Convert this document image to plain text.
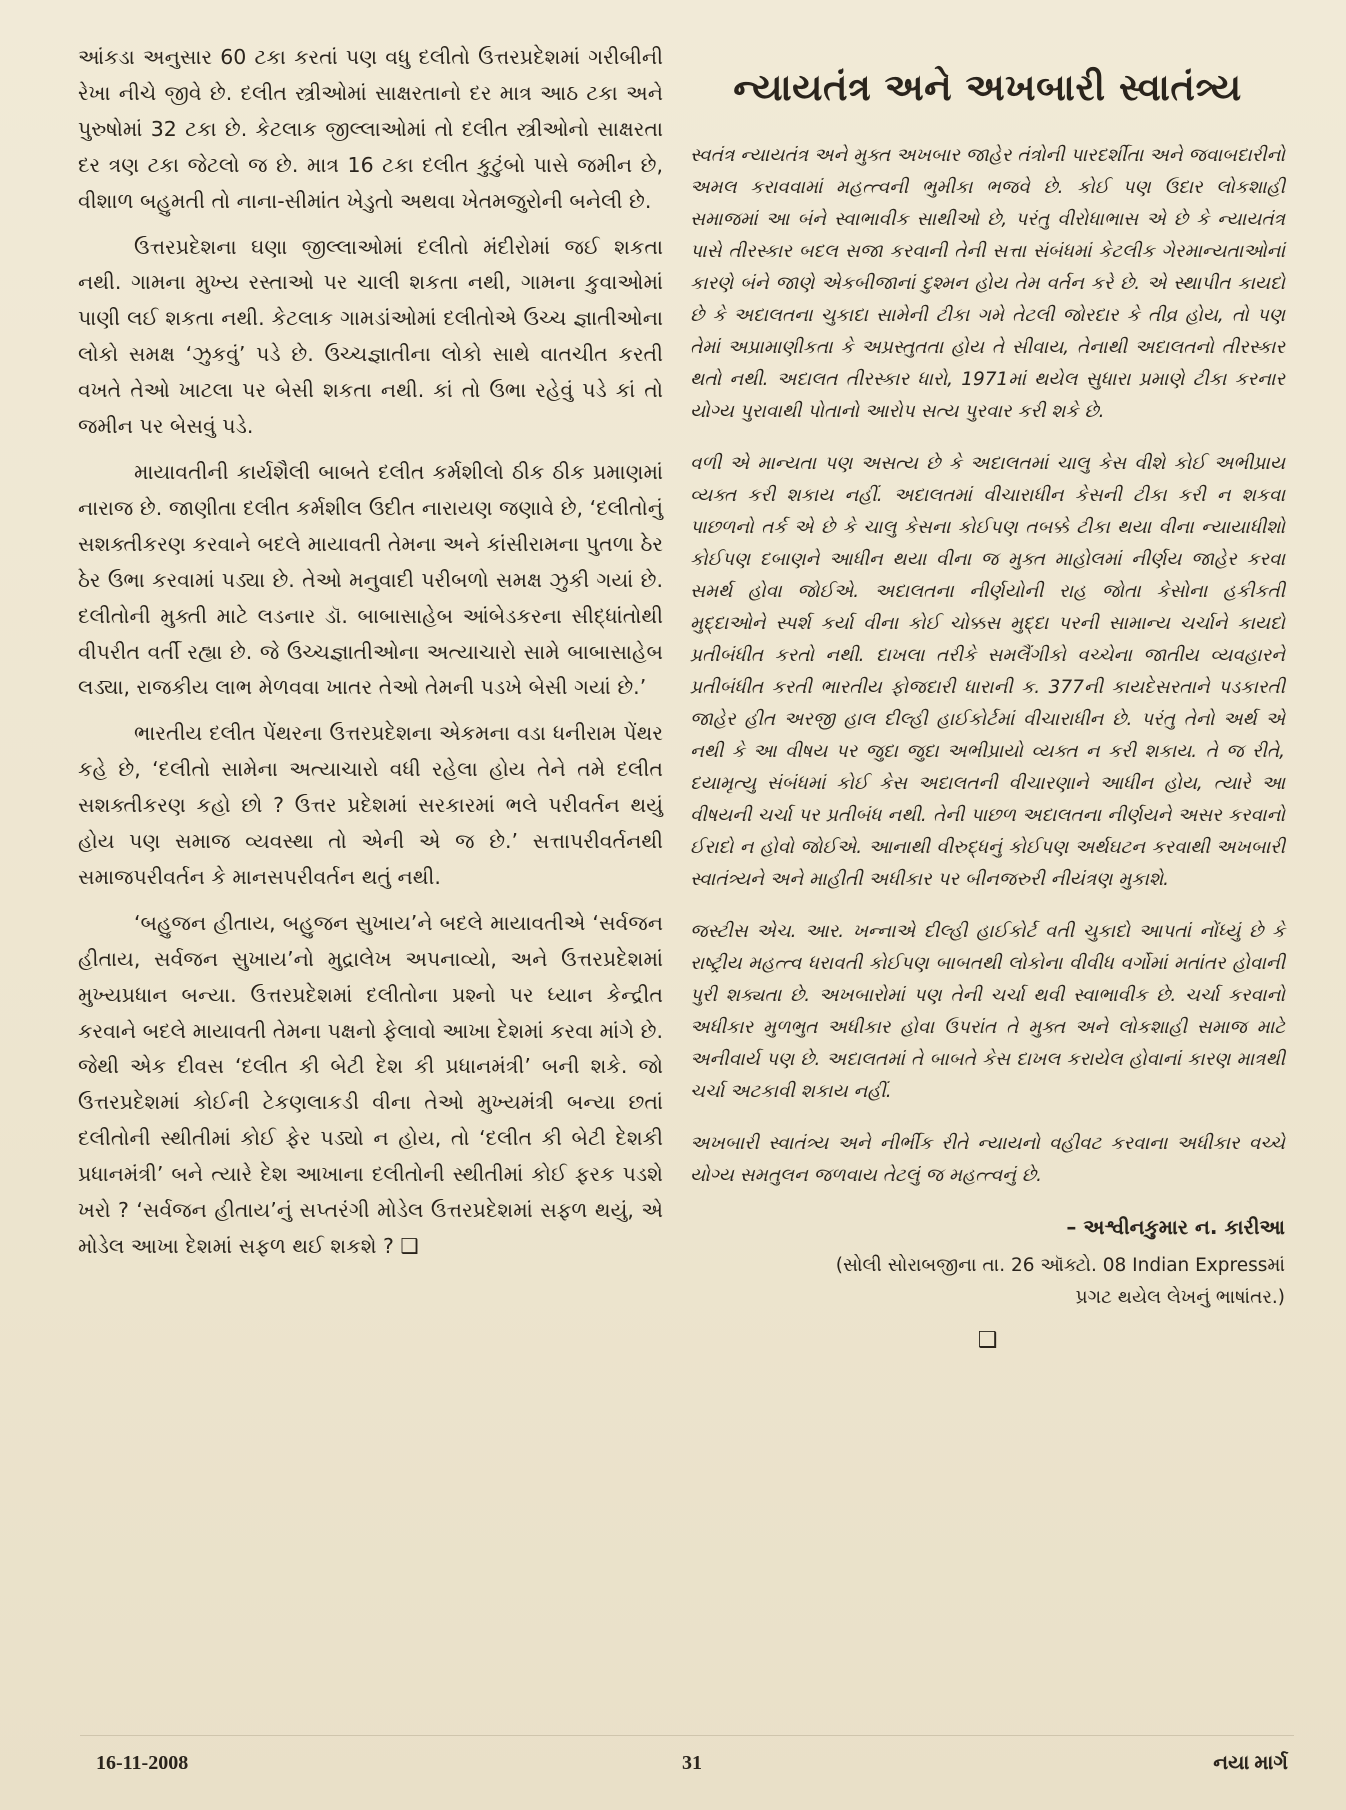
આંકડા અનુસાર 60 ટકા કરતાં પણ વધુ દલીતો ઉત્તરપ્રદેશમાં ગરીબીની રેખા નીચે જીવે છે. દલીત સ્ત્રીઓમાં સાક્ષરતાનો દર માત્ર આઠ ટકા અને પુરુષોમાં 32 ટકા છે. કેટલાક જીલ્લાઓમાં તો દલીત સ્ત્રીઓનો સાક્ષરતા દર ત્રણ ટકા જેટલો જ છે. માત્ર 16 ટકા દલીત કુટુંબો પાસે જમીન છે, વીશાળ બહુમતી તો નાના-સીમાંત ખેડુતો અથવા ખેતમજુરોની બનેલી છે.

ઉત્તરપ્રદેશના ઘણા જીલ્લાઓમાં દલીતો મંદીરોમાં જઈ શકતા નથી. ગામના મુખ્ય રસ્તાઓ પર ચાલી શકતા નથી, ગામના કુવાઓમાં પાણી લઈ શકતા નથી. કેટલાક ગામડાંઓમાં દલીતોએ ઉચ્ચ જ્ઞાતીઓના લોકો સમક્ષ ‘ઝુકવું’ પડે છે. ઉચ્ચજ્ઞાતીના લોકો સાથે વાતચીત કરતી વખતે તેઓ ખાટલા પર બેસી શકતા નથી. કાં તો ઉભા રહેવું પડે કાં તો જમીન પર બેસવું પડે.

માયાવતીની કાર્યશૈલી બાબતે દલીત કર્મશીલો ઠીક ઠીક પ્રમાણમાં નારાજ છે. જાણીતા દલીત કર્મશીલ ઉદીત નારાયણ જણાવે છે, ‘દલીતોનું સશક્તીકરણ કરવાને બદલે માયાવતી તેમના અને કાંસીરામના પુતળા ઠેર ઠેર ઉભા કરવામાં પડ્યા છે. તેઓ મનુવાદી પરીબળો સમક્ષ ઝુકી ગયાં છે. દલીતોની મુક્તી માટે લડનાર ડૉ. બાબાસાહેબ આંબેડકરના સીદ્ધાંતોથી વીપરીત વર્તી રહ્યા છે. જે ઉચ્ચજ્ઞાતીઓના અત્યાચારો સામે બાબાસાહેબ લડ્યા, રાજકીય લાભ મેળવવા ખાતર તેઓ તેમની પડખે બેસી ગયાં છે.’

ભારતીય દલીત પેંથરના ઉત્તરપ્રદેશના એકમના વડા ધનીરામ પેંથર કહે છે, ‘દલીતો સામેના અત્યાચારો વધી રહેલા હોય તેને તમે દલીત સશક્તીકરણ કહો છો ? ઉત્તર પ્રદેશમાં સરકારમાં ભલે પરીવર્તન થયું હોય પણ સમાજ વ્યવસ્થા તો એની એ જ છે.’ સત્તાપરીવર્તનથી સમાજપરીવર્તન કે માનસપરીવર્તન થતું નથી.

‘બહુજન હીતાય, બહુજન સુખાય’ને બદલે માયાવતીએ ‘સર્વજન હીતાય, સર્વજન સુખાય’નો મુદ્રાલેખ અપનાવ્યો, અને ઉત્તરપ્રદેશમાં મુખ્યપ્રધાન બન્યા. ઉત્તરપ્રદેશમાં દલીતોના પ્રશ્નો પર ધ્યાન કેન્દ્રીત કરવાને બદલે માયાવતી તેમના પક્ષનો ફેલાવો આખા દેશમાં કરવા માંગે છે. જેથી એક દીવસ ‘દલીત કી બેટી દેશ કી પ્રધાનમંત્રી’ બની શકે. જો ઉત્તરપ્રદેશમાં કોઈની ટેકણલાકડી વીના તેઓ મુખ્યમંત્રી બન્યા છતાં દલીતોની સ્થીતીમાં કોઈ ફેર પડ્યો ન હોય, તો ‘દલીત કી બેટી દેશકી પ્રધાનમંત્રી’ બને ત્યારે દેશ આખાના દલીતોની સ્થીતીમાં કોઈ ફરક પડશે ખરો ? ‘સર્વજન હીતાય’નું સપ્તરંગી મોડેલ ઉત્તરપ્રદેશમાં સફળ થયું, એ મોડેલ આખા દેશમાં સફળ થઈ શકશે ? ❑

ન્યાયતંત્ર અને અખબારી સ્વાતંત્ર્ય

સ્વતંત્ર ન્યાયતંત્ર અને મુક્ત અખબાર જાહેર તંત્રોની પારદર્શીતા અને જવાબદારીનો અમલ કરાવવામાં મહત્ત્વની ભુમીકા ભજવે છે. કોઈ પણ ઉદાર લોકશાહી સમાજમાં આ બંને સ્વાભાવીક સાથીઓ છે, પરંતુ વીરોધાભાસ એ છે કે ન્યાયતંત્ર પાસે તીરસ્કાર બદલ સજા કરવાની તેની સત્તા સંબંધમાં કેટલીક ગેરમાન્યતાઓનાં કારણે બંને જાણે એકબીજાનાં દુશ્મન હોય તેમ વર્તન કરે છે. એ સ્થાપીત કાયદો છે કે અદાલતના ચુકાદા સામેની ટીકા ગમે તેટલી જોરદાર કે તીવ્ર હોય, તો પણ તેમાં અપ્રામાણીકતા કે અપ્રસ્તુતતા હોય તે સીવાય, તેનાથી અદાલતનો તીરસ્કાર થતો નથી. અદાલત તીરસ્કાર ધારો, 1971માં થયેલ સુધારા પ્રમાણે ટીકા કરનાર યોગ્ય પુરાવાથી પોતાનો આરોપ સત્ય પુરવાર કરી શકે છે.

વળી એ માન્યતા પણ અસત્ય છે કે અદાલતમાં ચાલુ કેસ વીશે કોઈ અભીપ્રાય વ્યક્ત કરી શકાય નહીં. અદાલતમાં વીચારાધીન કેસની ટીકા કરી ન શકવા પાછળનો તર્ક એ છે કે ચાલુ કેસના કોઈપણ તબક્કે ટીકા થયા વીના ન્યાયાધીશો કોઈપણ દબાણને આધીન થયા વીના જ મુક્ત માહોલમાં નીર્ણય જાહેર કરવા સમર્થ હોવા જોઈએ. અદાલતના નીર્ણયોની રાહ જોતા કેસોના હકીકતી મુદ્દાઓને સ્પર્શ કર્યા વીના કોઈ ચોક્કસ મુદ્દા પરની સામાન્ય ચર્ચાને કાયદો પ્રતીબંધીત કરતો નથી. દાખલા તરીકે સમલૈંગીકો વચ્ચેના જાતીય વ્યવહારને પ્રતીબંધીત કરતી ભારતીય ફોજદારી ધારાની ક. 377ની કાયદેસરતાને પડકારતી જાહેર હીત અરજી હાલ દીલ્હી હાઈકોર્ટમાં વીચારાધીન છે. પરંતુ તેનો અર્થ એ નથી કે આ વીષય પર જુદા જુદા અભીપ્રાયો વ્યક્ત ન કરી શકાય. તે જ રીતે, દયામૃત્યુ સંબંધમાં કોઈ કેસ અદાલતની વીચારણાને આધીન હોય, ત્યારે આ વીષયની ચર્ચા પર પ્રતીબંધ નથી. તેની પાછળ અદાલતના નીર્ણયને અસર કરવાનો ઈરાદો ન હોવો જોઈએ. આનાથી વીરુદ્ધનું કોઈપણ અર્થઘટન કરવાથી અખબારી સ્વાતંત્ર્યને અને માહીતી અધીકાર પર બીનજરુરી નીયંત્રણ મુકાશે.

જસ્ટીસ એચ. આર. ખન્નાએ દીલ્હી હાઈકોર્ટ વતી ચુકાદો આપતાં નોંધ્યું છે કે રાષ્ટ્રીય મહત્ત્વ ધરાવતી કોઈપણ બાબતથી લોકોના વીવીધ વર્ગોમાં મતાંતર હોવાની પુરી શક્યતા છે. અખબારોમાં પણ તેની ચર્ચા થવી સ્વાભાવીક છે. ચર્ચા કરવાનો અધીકાર મુળભુત અધીકાર હોવા ઉપરાંત તે મુક્ત અને લોકશાહી સમાજ માટે અનીવાર્ય પણ છે. અદાલતમાં તે બાબતે કેસ દાખલ કરાયેલ હોવાનાં કારણ માત્રથી ચર્ચા અટકાવી શકાય નહીં.

અખબારી સ્વાતંત્ર્ય અને નીર્ભીક રીતે ન્યાયનો વહીવટ કરવાના અધીકાર વચ્ચે યોગ્ય સમતુલન જળવાય તેટલું જ મહત્ત્વનું છે.

– અશ્વીનકુમાર ન. કારીઆ
(સોલી સોરાબજીના તા. 26 ઑક્ટો. 08 Indian Expressમાં
પ્રગટ થયેલ લેખનું ભાષાંતર.)
❑
16-11-2008	31	નયા માર્ગ
